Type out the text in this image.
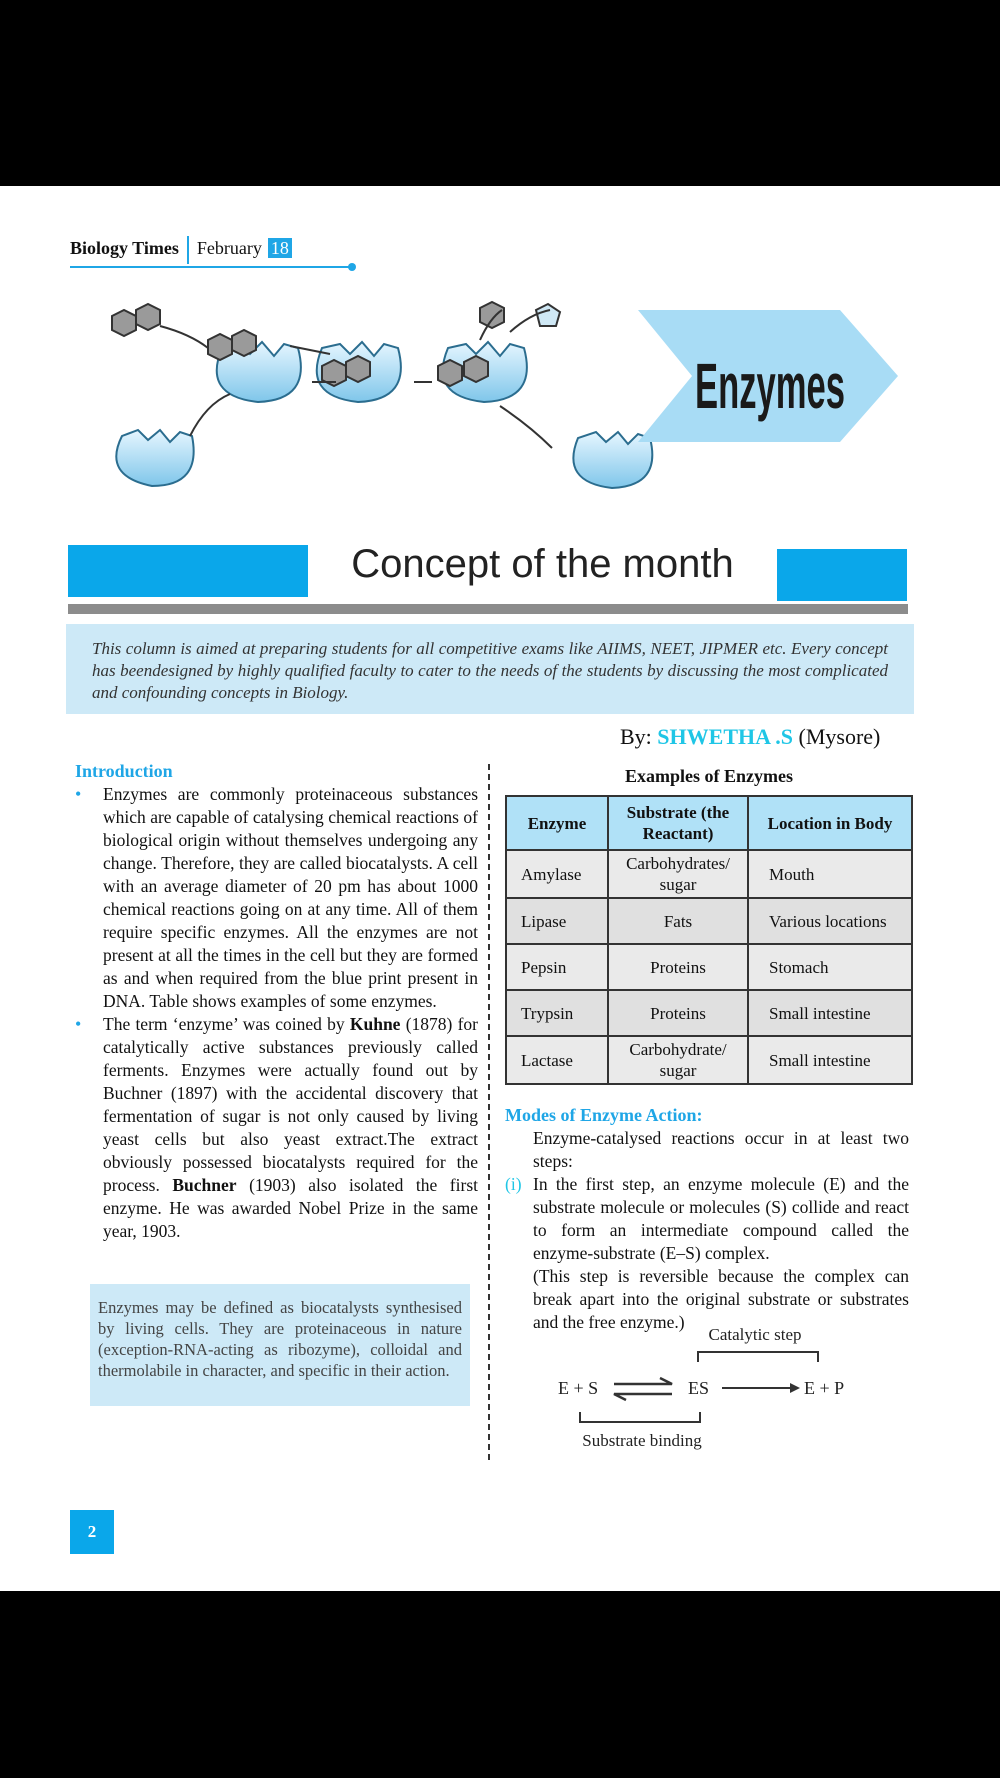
Biology Times February 18
Enzymes
Concept of the month

This column is aimed at preparing students for all competitive exams like AIIMS, NEET, JIPMER etc. Every concept has beendesigned by highly qualified faculty to cater to the needs of the students by discussing the most complicated and confounding concepts in Biology.

By: SHWETHA .S (Mysore)
Introduction
• Enzymes are commonly proteinaceous substances which are capable of catalysing chemical reactions of biological origin without themselves undergoing any change. Therefore, they are called biocatalysts. A cell with an average diameter of 20 pm has about 1000 chemical reactions going on at any time. All of them require specific enzymes. All the enzymes are not present at all the times in the cell but they are formed as and when required from the blue print present in DNA. Table shows examples of some enzymes.
• The term ‘enzyme’ was coined by Kuhne (1878) for catalytically active substances previously called ferments. Enzymes were actually found out by Buchner (1897) with the accidental discovery that fermentation of sugar is not only caused by living yeast cells but also yeast extract.The extract obviously possessed biocatalysts required for the process. Buchner (1903) also isolated the first enzyme. He was awarded Nobel Prize in the same year, 1903.

Enzymes may be defined as biocatalysts synthesised by living cells. They are proteinaceous in nature (exception-RNA-acting as ribozyme), colloidal and thermolabile in character, and specific in their action.

Examples of Enzymes
Enzyme	Substrate (the Reactant)	Location in Body
Amylase	Carbohydrates/ sugar	Mouth
Lipase	Fats	Various locations
Pepsin	Proteins	Stomach
Trypsin	Proteins	Small intestine
Lactase	Carbohydrate/ sugar	Small intestine
Modes of Enzyme Action:
Enzyme-catalysed reactions occur in at least two steps:
(i) In the first step, an enzyme molecule (E) and the substrate molecule or molecules (S) collide and react to form an intermediate compound called the enzyme-substrate (E–S) complex.
(This step is reversible because the complex can break apart into the original substrate or substrates and the free enzyme.)
Catalytic step
E + S	ES	E + P
Substrate binding
2
